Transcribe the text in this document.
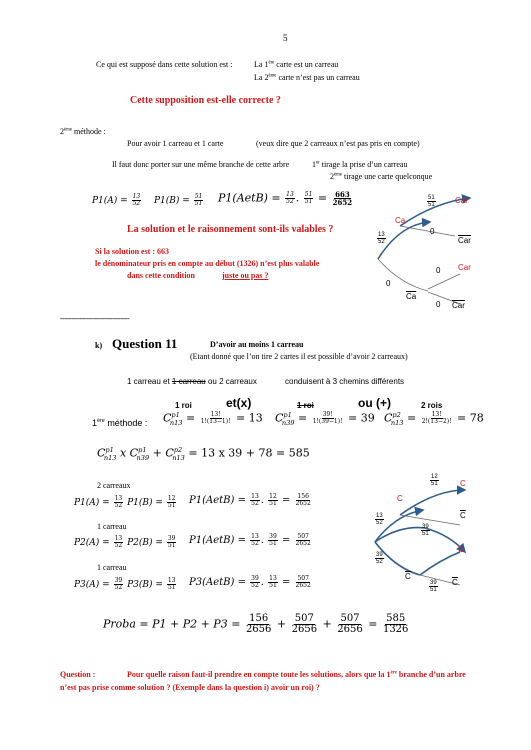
5
Ce qui est supposé dans cette solution est :	La 1ère carte est un carreau
La 2ème carte n’est pas un carreau
Cette supposition est-elle correcte ?
2ème méthode :
Pour avoir 1 carreau et 1 carte	(veux dire que 2 carreaux n’est pas pris en compte)
Il faut donc porter sur une même branche de cette arbre	1er tirage la prise d’un carreau
2ème tirage une carte quelconque
$P1(A) = \frac{13}{52} P1(B) = \frac{51}{51}$ P1(AetB) = $\frac{13}{52}$ . $\frac{51}{51} = \frac{663}{2652}$
La solution et le raisonnement sont-ils valables ?
Si la solution est : 663
le dénominateur pris en compte au début (1326) n’est plus valable
dans cette condition	juste ou pas ?
$\frac{51}{51}$ Car
Ca
0
$\overline{Car}$
$\frac{13}{52}$
Car
0
0
$\overline{Ca}$
0 $\overline{Car}$
--------------------------------
k) Question 11	D’avoir au moins 1 carreau
(Etant donné que l’on tire 2 cartes il est possible d’avoir 2 carreaux)
1 carreau et 1 carreau ou 2 carreaux	conduisent à 3 chemins différents
1 roi	et(x)	1 roi	ou (+)	2 rois
1ère méthode : $C^{p1}_{n13} = \frac{13!}{1!(13-1)!} = 13$ $C^{p1}_{n39} = \frac{39!}{1!(39-1)!} = 39$ $C^{p2}_{n13} = \frac{13!}{2!(13-2)!} = 78$
$C^{p1}_{n13}$ x $C^{p1}_{n39} + C^{p2}_{n13} = 13$ x 39 + 78 = 585
2 carreaux
$P1(A) = \frac{13}{52} P1(B) = \frac{12}{51}$ P1(AetB) = $\frac{13}{52}$ . $\frac{12}{51} = \frac{156}{2652}$
1 carreau
$P2(A) = \frac{13}{52} P2(B) = \frac{39}{51}$ P1(AetB) = $\frac{13}{52}$ . $\frac{39}{51} = \frac{507}{2652}$
1 carreau
$P3(A) = \frac{39}{52} P3(B) = \frac{13}{51}$ P3(AetB) = $\frac{39}{52}$ . $\frac{13}{51} = \frac{507}{2652}$
$\frac{12}{51}$	C
C
$\overline{C}$
$\frac{13}{52}$
$\frac{39}{51}$
C
$\frac{39}{52}$
$\overline{C}$
$\frac{39}{51} \overline{C}$
Proba = $P1 + P2 + P3 = \frac{156}{2656} + \frac{507}{2656} + \frac{507}{2656} = \frac{585}{1326}$
Question :	Pour quelle raison faut-il prendre en compte toute les solutions, alors que la 1ère branche d’un arbre
n’est pas prise comme solution ? (Exemple dans la question i) avoir un roi) ?
